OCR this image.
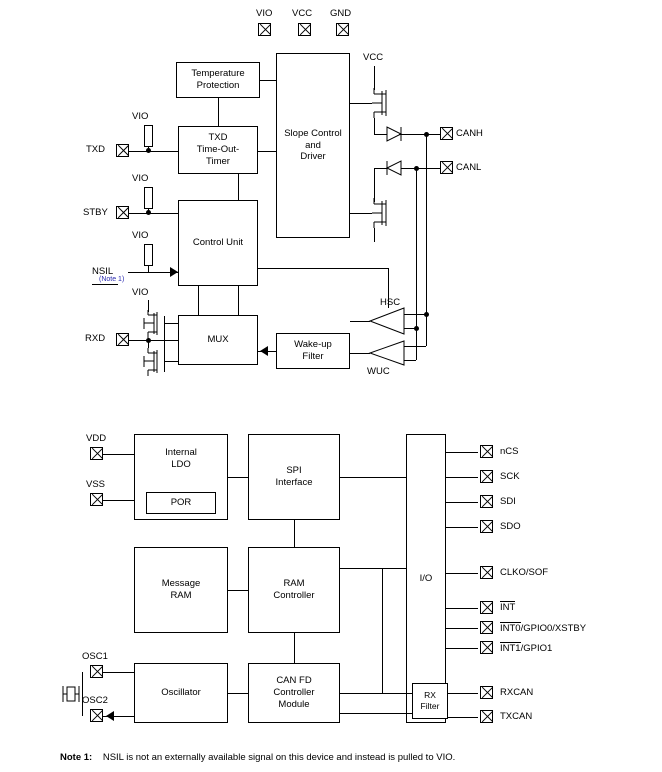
VIO VCC GND
Temperature
Protection
TXD
Time-Out-
Timer
Slope Control
and
Driver
Control Unit
MUX	Wake-up
Filter
VCC
CANH
CANL
VIO
TXD
VIO
STBY
VIO
NSIL
(Note 1)
VIO
RXD
HSC
WUC
VDD
VSS
Internal
LDO
POR
SPI
Interface
Message
RAM
RAM
Controller
Oscillator
CAN FD
Controller
Module
I/O
RX
Filter
OSC1
OSC2
nCS
SCK
SDI
SDO
CLKO/SOF
INT
INT0/GPIO0/XSTBY
INT1/GPIO1
RXCAN
TXCAN
Note 1: NSIL is not an externally available signal on this device and instead is pulled to VIO.
